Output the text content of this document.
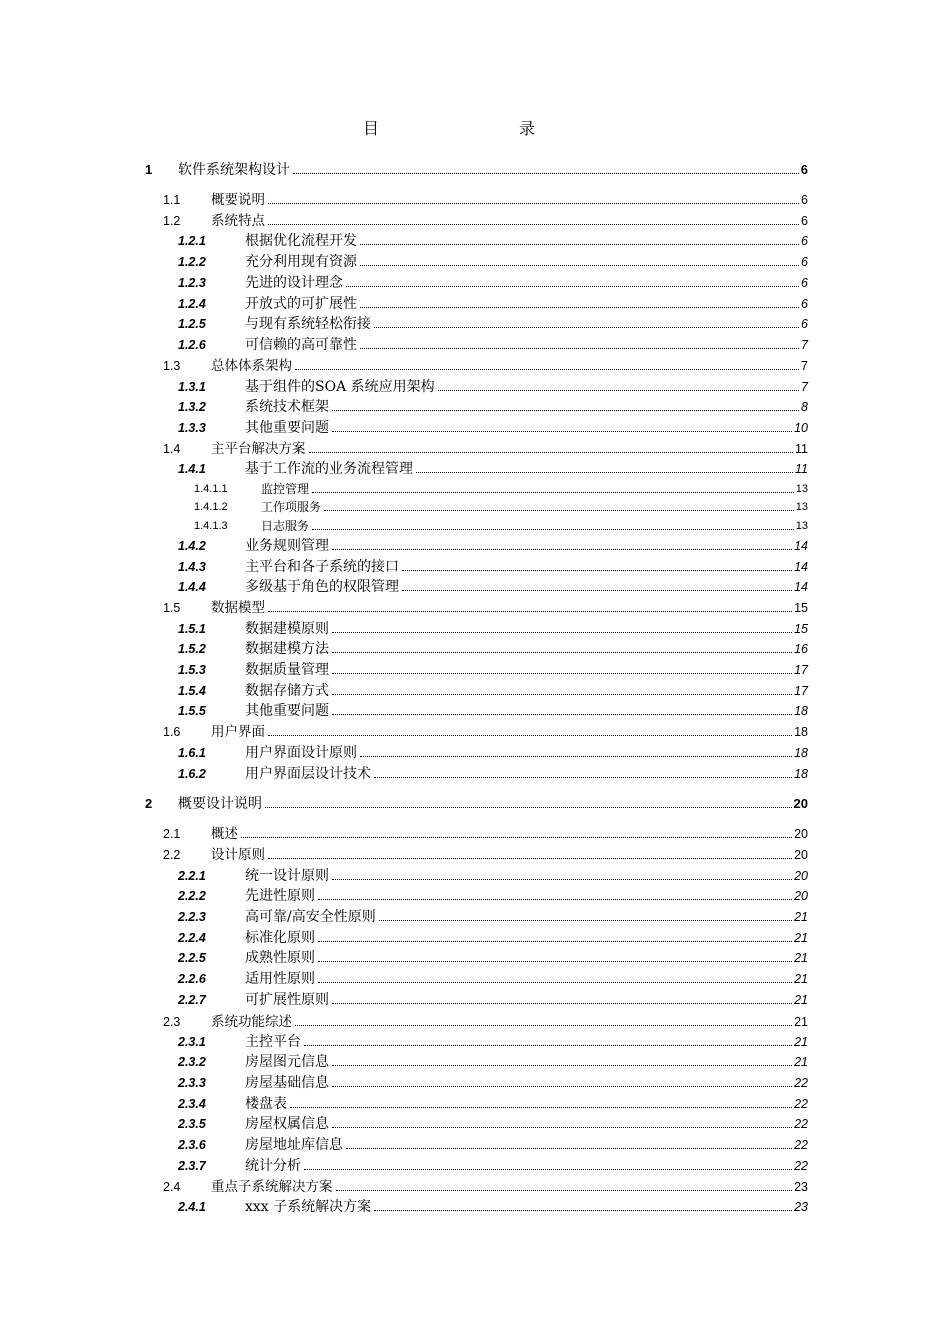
目　　录
1	软件系统架构设计	6
1.1	概要说明	6
1.2	系统特点	6
1.2.1	根据优化流程开发	6
1.2.2	充分利用现有资源	6
1.2.3	先进的设计理念	6
1.2.4	开放式的可扩展性	6
1.2.5	与现有系统轻松衔接	6
1.2.6	可信赖的高可靠性	7
1.3	总体体系架构	7
1.3.1	基于组件的SOA 系统应用架构	7
1.3.2	系统技术框架	8
1.3.3	其他重要问题	10
1.4	主平台解决方案	11
1.4.1	基于工作流的业务流程管理	11
1.4.1.1	监控管理	13
1.4.1.2	工作项服务	13
1.4.1.3	日志服务	13
1.4.2	业务规则管理	14
1.4.3	主平台和各子系统的接口	14
1.4.4	多级基于角色的权限管理	14
1.5	数据模型	15
1.5.1	数据建模原则	15
1.5.2	数据建模方法	16
1.5.3	数据质量管理	17
1.5.4	数据存储方式	17
1.5.5	其他重要问题	18
1.6	用户界面	18
1.6.1	用户界面设计原则	18
1.6.2	用户界面层设计技术	18
2	概要设计说明	20
2.1	概述	20
2.2	设计原则	20
2.2.1	统一设计原则	20
2.2.2	先进性原则	20
2.2.3	高可靠/高安全性原则	21
2.2.4	标准化原则	21
2.2.5	成熟性原则	21
2.2.6	适用性原则	21
2.2.7	可扩展性原则	21
2.3	系统功能综述	21
2.3.1	主控平台	21
2.3.2	房屋图元信息	21
2.3.3	房屋基础信息	22
2.3.4	楼盘表	22
2.3.5	房屋权属信息	22
2.3.6	房屋地址库信息	22
2.3.7	统计分析	22
2.4	重点子系统解决方案	23
2.4.1	xxx 子系统解决方案	23
